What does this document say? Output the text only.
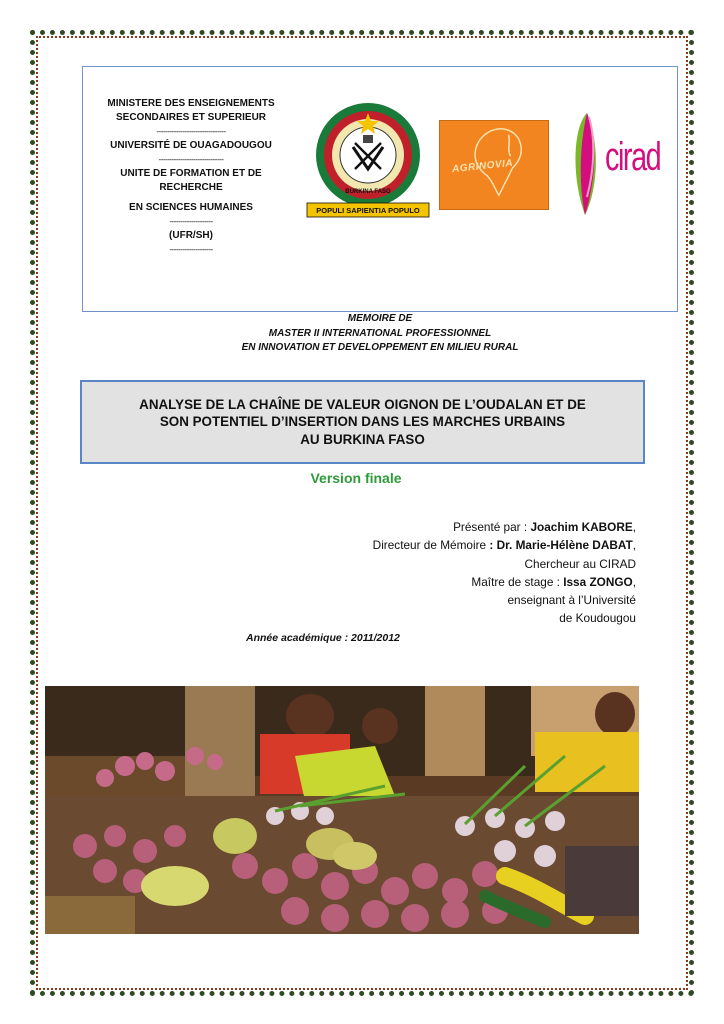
MINISTERE DES ENSEIGNEMENTS
SECONDAIRES ET SUPERIEUR
--------------------------------
UNIVERSITÉ DE OUAGADOUGOU
------------------------------
UNITE DE FORMATION ET DE
RECHERCHE
EN SCIENCES HUMAINES
--------------------
(UFR/SH)
--------------------
BURKINA FASO
POPULI SAPIENTIA POPULO
AGRINOVIA cirad
MEMOIRE DE
MASTER II INTERNATIONAL PROFESSIONNEL
EN INNOVATION ET DEVELOPPEMENT EN MILIEU RURAL
ANALYSE DE LA CHAÎNE DE VALEUR OIGNON DE L’OUDALAN ET DE
SON POTENTIEL D’INSERTION DANS LES MARCHES URBAINS
AU BURKINA FASO
Version finale
Présenté par : Joachim KABORE,
Directeur de Mémoire : Dr. Marie-Hélène DABAT,
Chercheur au CIRAD
Maître de stage : Issa ZONGO,
enseignant à l’Université
de Koudougou
Année académique : 2011/2012
